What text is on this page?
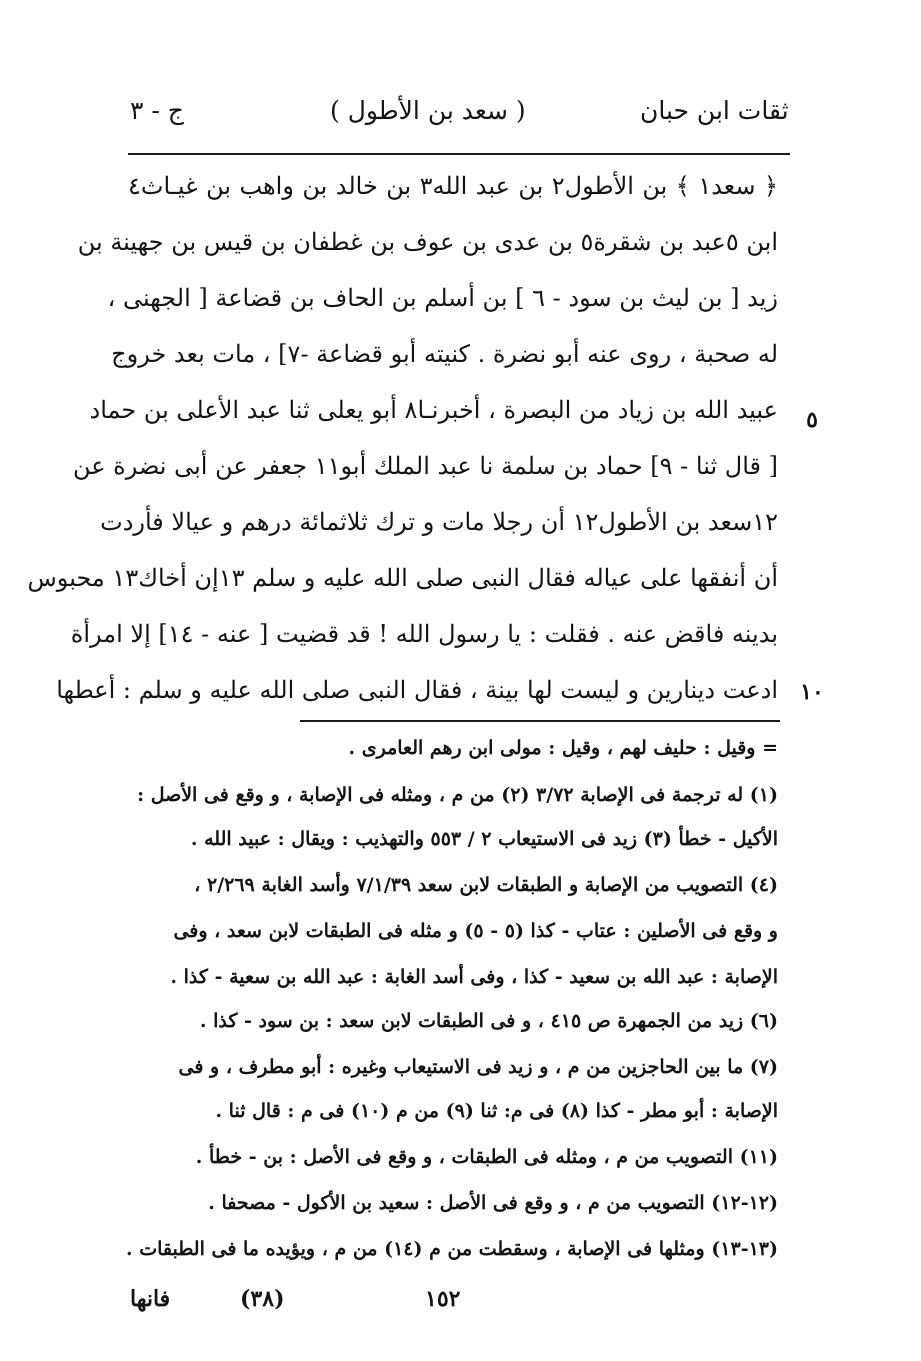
ثقات ابن حبان
( سعد بن الأطول )
ج - ٣
﴿ سعد١ ﴾ بن الأطول٢ بن عبد الله٣ بن خالد بن واهب بن غيـاث٤
ابن ٥عبد بن شقرة٥ بن عدى بن عوف بن غطفان بن قيس بن جهينة بن
زيد [ بن ليث بن سود - ٦ ] بن أسلم بن الحاف بن قضاعة [ الجهنى ،
له صحبة ، روى عنه أبو نضرة . كنيته أبو قضاعة -٧] ، مات بعد خروج
عبيد الله بن زياد من البصرة ، أخبرنـا٨ أبو يعلى ثنا عبد الأعلى بن حماد
[ قال ثنا - ٩] حماد بن سلمة نا عبد الملك أبو١١ جعفر عن أبى نضرة عن
١٢سعد بن الأطول١٢ أن رجلا مات و ترك ثلاثمائة درهم و عيالا فأردت
أن أنفقها على عياله فقال النبى صلى الله عليه و سلم ١٣إن أخاك١٣ محبوس
بدينه فاقض عنه . فقلت : يا رسول الله ! قد قضيت [ عنه - ١٤] إلا امرأة
ادعت دينارين و ليست لها بينة ، فقال النبى صلى الله عليه و سلم : أعطها
٥
١٠
= وقيل : حليف لهم ، وقيل : مولى ابن رهم العامرى .
(١) له ترجمة فى الإصابة ٣/٧٢ (٢) من م ، ومثله فى الإصابة ، و وقع فى الأصل :
الأكيل - خطأ (٣) زيد فى الاستيعاب ٢ / ٥٥٣ والتهذيب : ويقال : عبيد الله .
(٤) التصويب من الإصابة و الطبقات لابن سعد ٧/١/٣٩ وأسد الغابة ٢/٢٦٩ ،
و وقع فى الأصلين : عتاب - كذا (٥ - ٥) و مثله فى الطبقات لابن سعد ، وفى
الإصابة : عبد الله بن سعيد - كذا ، وفى أسد الغابة : عبد الله بن سعية - كذا .
(٦) زيد من الجمهرة ص ٤١٥ ، و فى الطبقات لابن سعد : بن سود - كذا .
(٧) ما بين الحاجزين من م ، و زيد فى الاستيعاب وغيره : أبو مطرف ، و فى
الإصابة : أبو مطر - كذا (٨) فى م: ثنا (٩) من م (١٠) فى م : قال ثنا .
(١١) التصويب من م ، ومثله فى الطبقات ، و وقع فى الأصل : بن - خطأ .
(١٢-١٢) التصويب من م ، و وقع فى الأصل : سعيد بن الأكول - مصحفا .
(١٣-١٣) ومثلها فى الإصابة ، وسقطت من م (١٤) من م ، ويؤيده ما فى الطبقات .
فانها	(٣٨)	١٥٢
